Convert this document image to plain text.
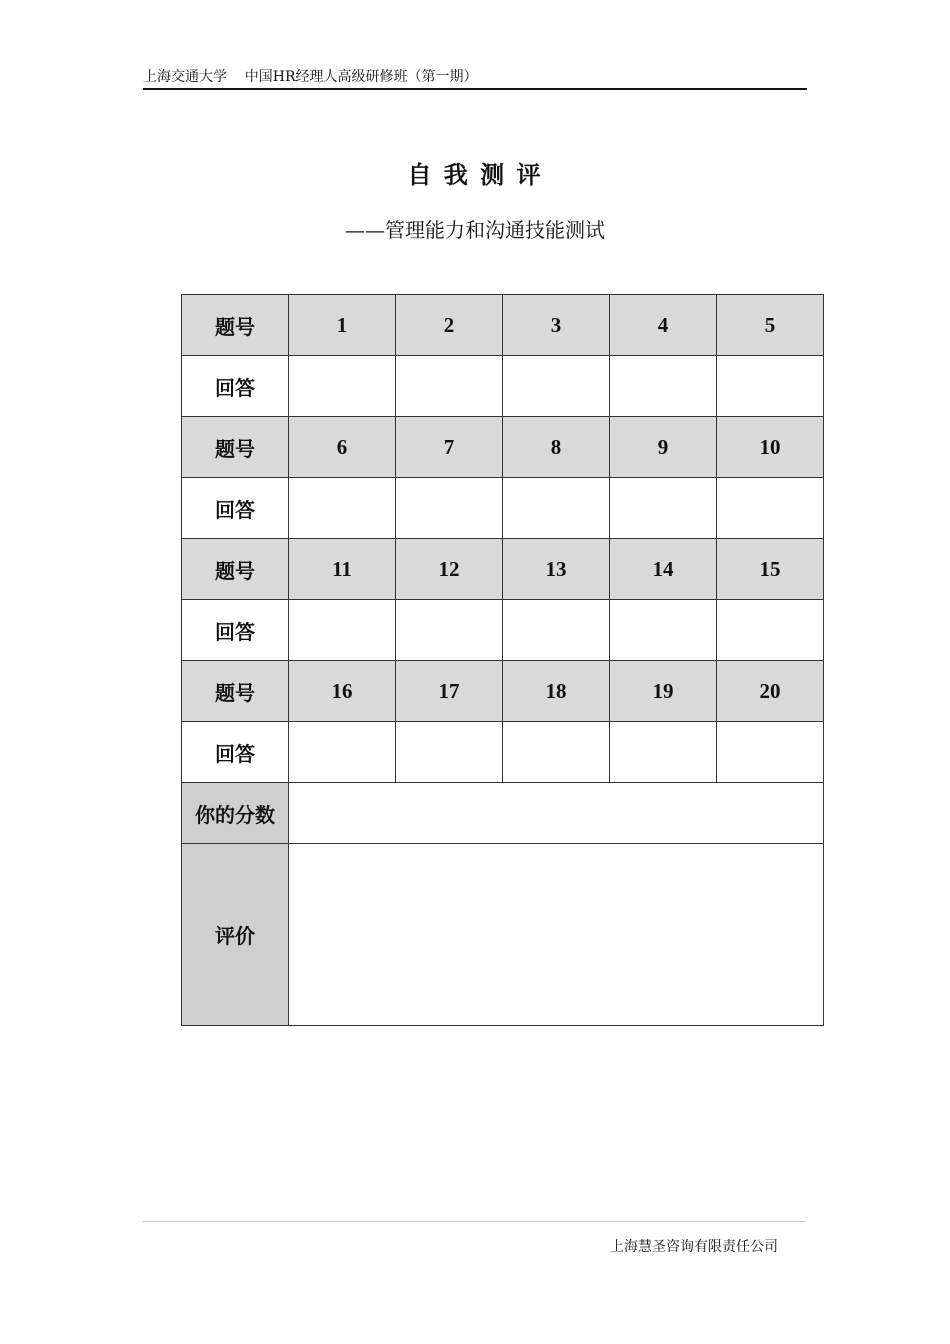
上海交通大学    中国HR经理人高级研修班（第一期）
自 我 测 评
——管理能力和沟通技能测试
题号	1	2	3	4	5
回答					
题号	6	7	8	9	10
回答					
题号	11	12	13	14	15
回答					
题号	16	17	18	19	20
回答					
你的分数					
评价					
上海慧圣咨询有限责任公司
